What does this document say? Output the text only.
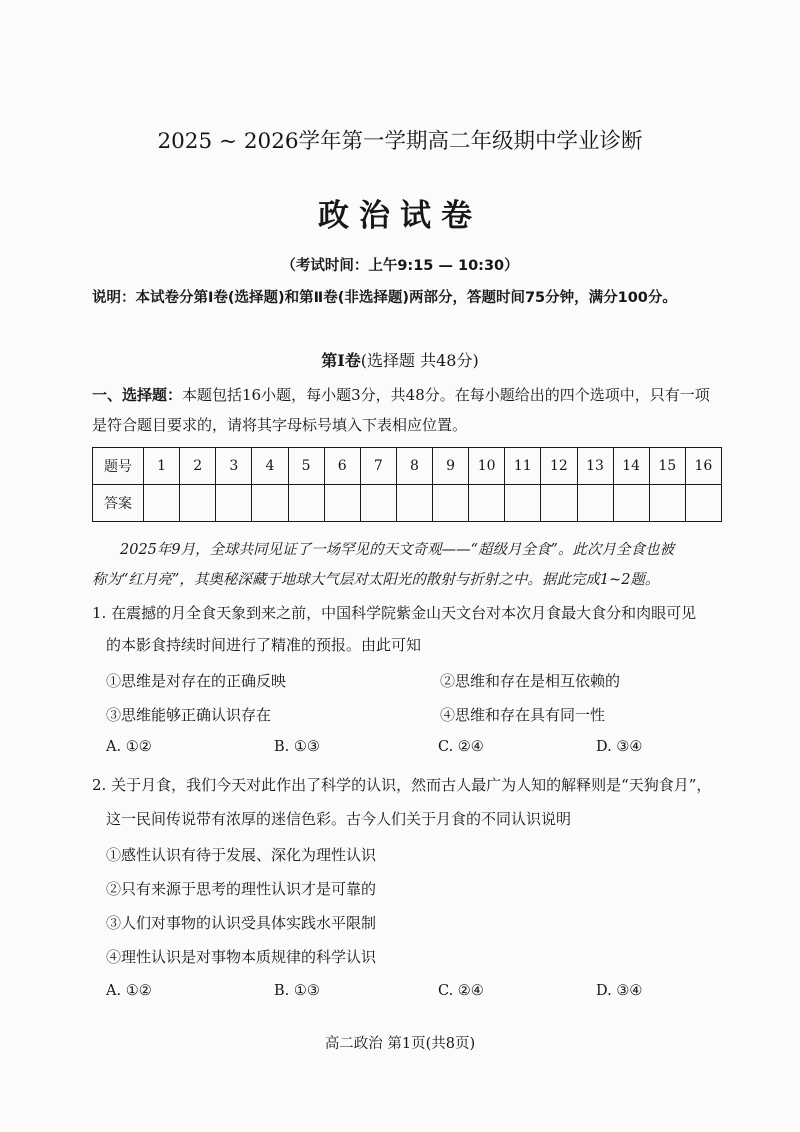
2025 ~ 2026学年第一学期高二年级期中学业诊断
政治试卷
（考试时间：上午9:15 — 10:30）
说明：本试卷分第Ⅰ卷(选择题)和第Ⅱ卷(非选择题)两部分，答题时间75分钟，满分100分。
第Ⅰ卷(选择题 共48分)
一、选择题：本题包括16小题，每小题3分，共48分。在每小题给出的四个选项中，只有一项
是符合题目要求的，请将其字母标号填入下表相应位置。
题号	1	2	3	4	5	6	7	8	9	10	11	12	13	14	15	16
答案																
2025年9月，全球共同见证了一场罕见的天文奇观——“超级月全食”。此次月全食也被
称为“红月亮”，其奥秘深藏于地球大气层对太阳光的散射与折射之中。据此完成1~2题。
1. 在震撼的月全食天象到来之前，中国科学院紫金山天文台对本次月食最大食分和肉眼可见
的本影食持续时间进行了精准的预报。由此可知
①思维是对存在的正确反映	②思维和存在是相互依赖的
③思维能够正确认识存在	④思维和存在具有同一性
A. ①②	B. ①③	C. ②④	D. ③④
2. 关于月食，我们今天对此作出了科学的认识，然而古人最广为人知的解释则是“天狗食月”，
这一民间传说带有浓厚的迷信色彩。古今人们关于月食的不同认识说明
①感性认识有待于发展、深化为理性认识
②只有来源于思考的理性认识才是可靠的
③人们对事物的认识受具体实践水平限制
④理性认识是对事物本质规律的科学认识
A. ①②	B. ①③	C. ②④	D. ③④
高二政治 第1页(共8页)
